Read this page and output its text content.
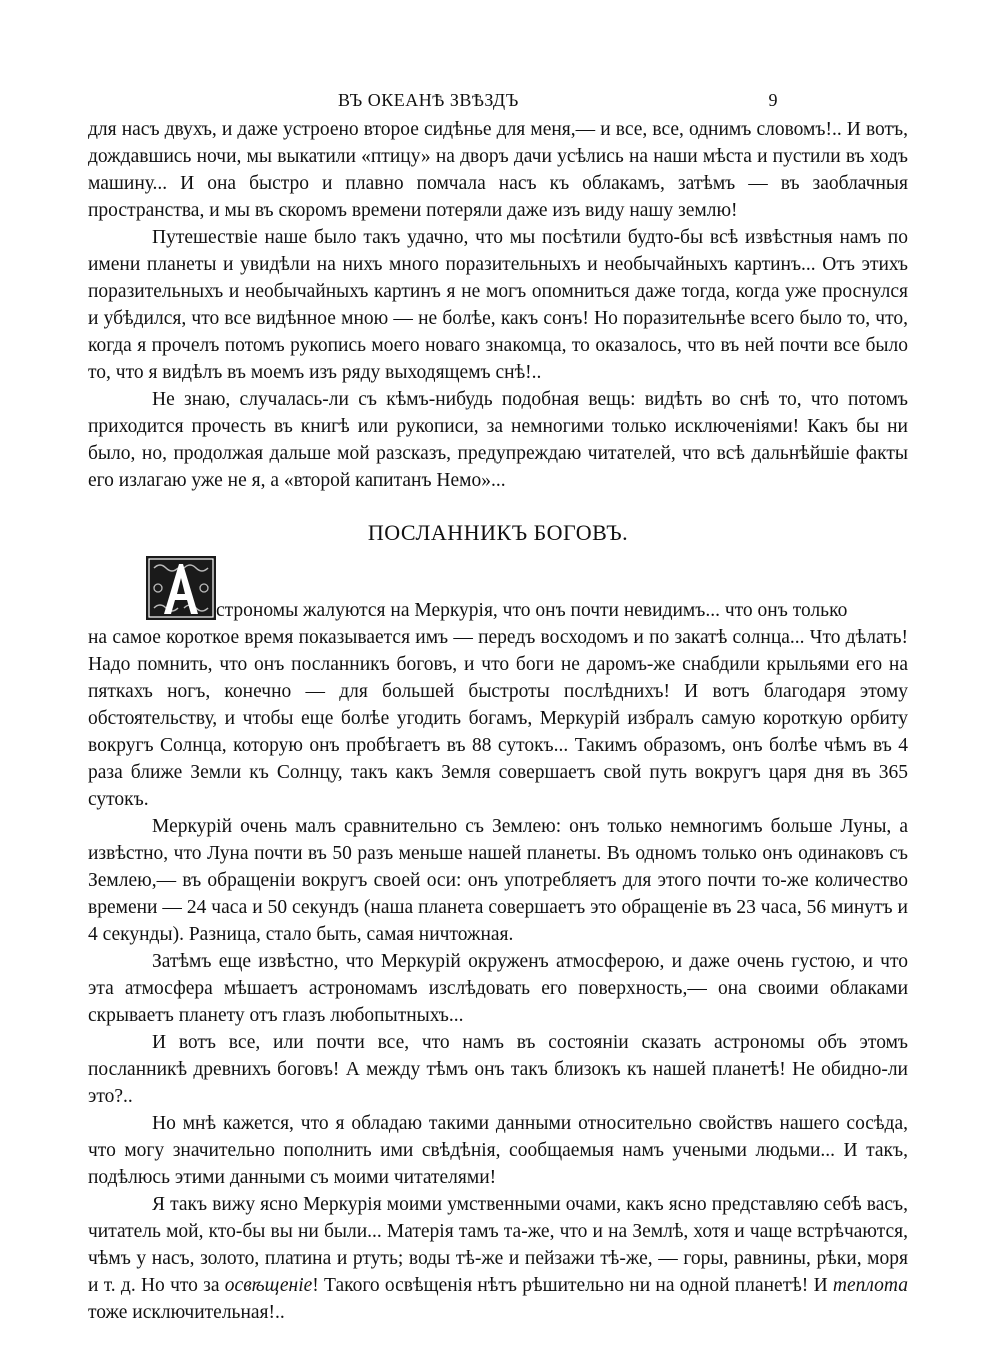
ВЪ ОКЕАНѢ ЗВѢЗДЪ	9

для насъ двухъ, и даже устроено второе сидѣнье для меня,— и все, все, однимъ словомъ!.. И вотъ, дождавшись ночи, мы выкатили «птицу» на дворъ дачи усѣлись на наши мѣста и пустили въ ходъ машину... И она быстро и плавно помчала насъ къ облакамъ, затѣмъ — въ заоблачныя пространства, и мы въ скоромъ времени потеряли даже изъ виду нашу землю!

Путешествіе наше было такъ удачно, что мы посѣтили будто-бы всѣ извѣстныя намъ по имени планеты и увидѣли на нихъ много поразительныхъ и необычайныхъ картинъ... Отъ этихъ поразительныхъ и необычайныхъ картинъ я не могъ опомниться даже тогда, когда уже проснулся и убѣдился, что все видѣнное мною — не болѣе, какъ сонъ! Но поразительнѣе всего было то, что, когда я прочелъ потомъ рукопись моего новаго знакомца, то оказалось, что въ ней почти все было то, что я видѣлъ въ моемъ изъ ряду выходящемъ снѣ!..

Не знаю, случалась-ли съ кѣмъ-нибудь подобная вещь: видѣть во снѣ то, что потомъ приходится прочесть въ книгѣ или рукописи, за немногими только исключеніями! Какъ бы ни было, но, продолжая дальше мой разсказъ, предупреждаю читателей, что всѣ дальнѣйшіе факты его излагаю уже не я, а «второй капитанъ Немо»...

ПОСЛАННИКЪ БОГОВЪ.
строномы жалуются на Меркурія, что онъ почти невидимъ... что онъ только

на самое короткое время показывается имъ — передъ восходомъ и по закатѣ солнца... Что дѣлать! Надо помнить, что онъ посланникъ боговъ, и что боги не даромъ-же снабдили крыльями его на пяткахъ ногъ, конечно — для большей быстроты послѣднихъ! И вотъ благодаря этому обстоятельству, и чтобы еще болѣе угодить богамъ, Меркурій избралъ самую короткую орбиту вокругъ Солнца, которую онъ пробѣгаетъ въ 88 сутокъ... Такимъ образомъ, онъ болѣе чѣмъ въ 4 раза ближе Земли къ Солнцу, такъ какъ Земля совершаетъ свой путь вокругъ царя дня въ 365 сутокъ.

Меркурій очень малъ сравнительно съ Землею: онъ только немногимъ больше Луны, а извѣстно, что Луна почти въ 50 разъ меньше нашей планеты. Въ одномъ только онъ одинаковъ съ Землею,— въ обращеніи вокругъ своей оси: онъ употребляетъ для этого почти то-же количество времени — 24 часа и 50 секундъ (наша планета совершаетъ это обращеніе въ 23 часа, 56 минутъ и 4 секунды). Разница, стало быть, самая ничтожная.

Затѣмъ еще извѣстно, что Меркурій окруженъ атмосферою, и даже очень густою, и что эта атмосфера мѣшаетъ астрономамъ изслѣдовать его поверхность,— она своими облаками скрываетъ планету отъ глазъ любопытныхъ...

И вотъ все, или почти все, что намъ въ состояніи сказать астрономы объ этомъ посланникѣ древнихъ боговъ! А между тѣмъ онъ такъ близокъ къ нашей планетѣ! Не обидно-ли это?..

Но мнѣ кажется, что я обладаю такими данными относительно свойствъ нашего сосѣда, что могу значительно пополнить ими свѣдѣнія, сообщаемыя намъ учеными людьми... И такъ, подѣлюсь этими данными съ моими читателями!

Я такъ вижу ясно Меркурія моими умственными очами, какъ ясно представляю себѣ васъ, читатель мой, кто-бы вы ни были... Матерія тамъ та-же, что и на Землѣ, хотя и чаще встрѣчаются, чѣмъ у насъ, золото, платина и ртуть; воды тѣ-же и пейзажи тѣ-же, — горы, равнины, рѣки, моря и т. д. Но что за освѣщеніе! Такого освѣщенія нѣтъ рѣшительно ни на одной планетѣ! И теплота тоже исключительная!..
